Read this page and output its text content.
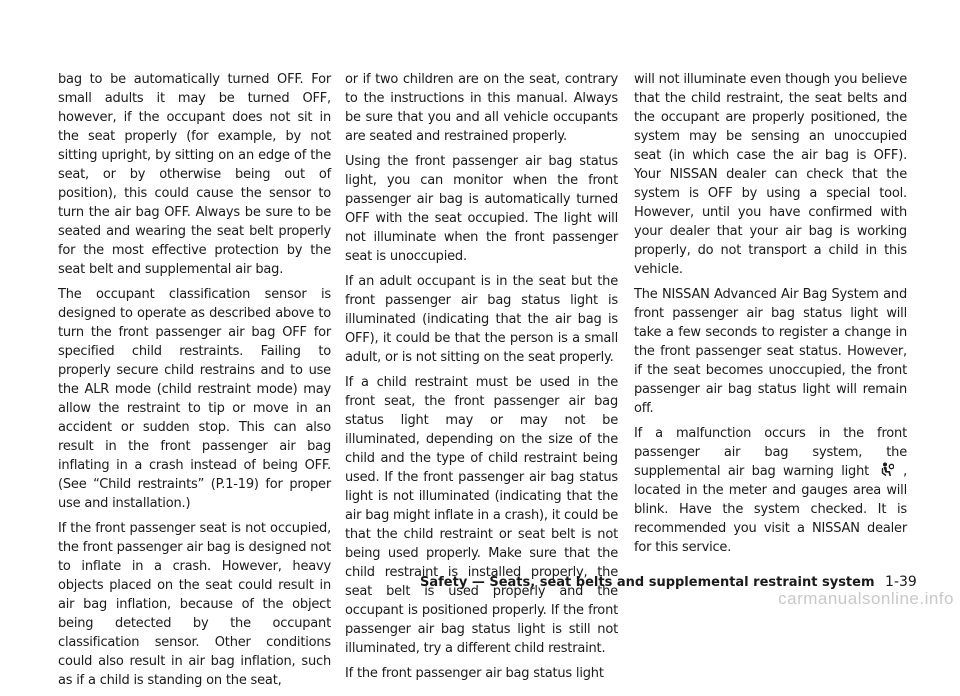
bag to be automatically turned OFF. For small adults it may be turned OFF, however, if the occupant does not sit in the seat properly (for example, by not sitting upright, by sitting on an edge of the seat, or by otherwise being out of position), this could cause the sensor to turn the air bag OFF. Always be sure to be seated and wearing the seat belt properly for the most effective protection by the seat belt and supplemental air bag.

The occupant classification sensor is designed to operate as described above to turn the front passenger air bag OFF for specified child restraints. Failing to properly secure child restrains and to use the ALR mode (child restraint mode) may allow the restraint to tip or move in an accident or sudden stop. This can also result in the front passenger air bag inflating in a crash instead of being OFF. (See “Child restraints” (P.1-19) for proper use and installation.)

If the front passenger seat is not occupied, the front passenger air bag is designed not to inflate in a crash. However, heavy objects placed on the seat could result in air bag inflation, because of the object being detected by the occupant classification sensor. Other conditions could also result in air bag inflation, such as if a child is standing on the seat,

or if two children are on the seat, contrary to the instructions in this manual. Always be sure that you and all vehicle occupants are seated and restrained properly.

Using the front passenger air bag status light, you can monitor when the front passenger air bag is automatically turned OFF with the seat occupied. The light will not illuminate when the front passenger seat is unoccupied.

If an adult occupant is in the seat but the front passenger air bag status light is illuminated (indicating that the air bag is OFF), it could be that the person is a small adult, or is not sitting on the seat properly.

If a child restraint must be used in the front seat, the front passenger air bag status light may or may not be illuminated, depending on the size of the child and the type of child restraint being used. If the front passenger air bag status light is not illuminated (indicating that the air bag might inflate in a crash), it could be that the child restraint or seat belt is not being used properly. Make sure that the child restraint is installed properly, the seat belt is used properly and the occupant is positioned properly. If the front passenger air bag status light is still not illuminated, try a different child restraint.

If the front passenger air bag status light

will not illuminate even though you believe that the child restraint, the seat belts and the occupant are properly positioned, the system may be sensing an unoccupied seat (in which case the air bag is OFF). Your NISSAN dealer can check that the system is OFF by using a special tool. However, until you have confirmed with your dealer that your air bag is working properly, do not transport a child in this vehicle.

The NISSAN Advanced Air Bag System and front passenger air bag status light will take a few seconds to register a change in the front passenger seat status. However, if the seat becomes unoccupied, the front passenger air bag status light will remain off.

If a malfunction occurs in the front passenger air bag system, the supplemental air bag warning light	, located in the meter and gauges area will blink. Have the system checked. It is recommended you visit a NISSAN dealer for this service.

Safety — Seats, seat belts and supplemental restraint system 1-39
carmanualsonline.info
